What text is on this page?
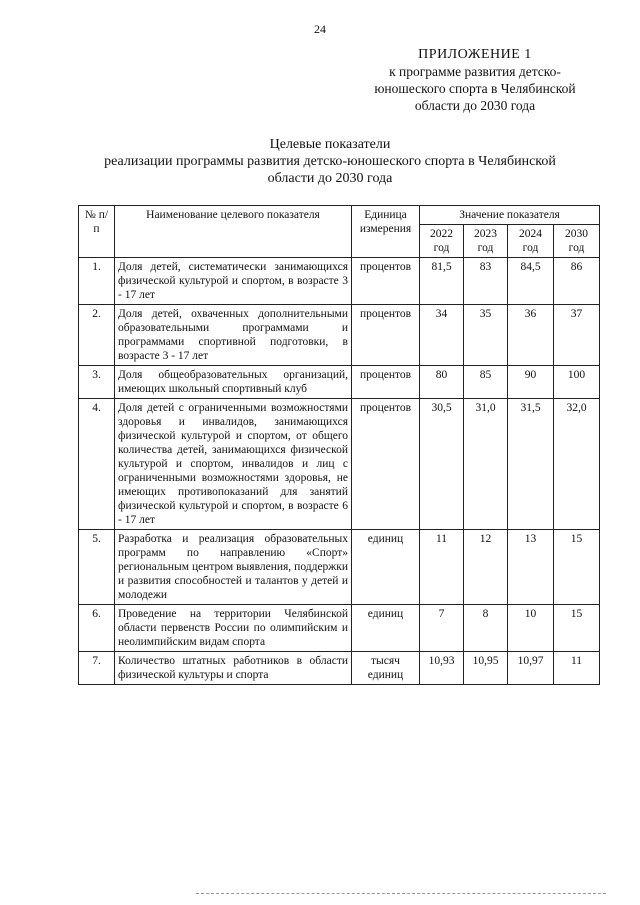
24
ПРИЛОЖЕНИЕ 1
к программе развития детско-
юношеского спорта в Челябинской
области до 2030 года
Целевые показатели
реализации программы развития детско-юношеского спорта в Челябинской
области до 2030 года
№ п/п	Наименование целевого показателя	Единица измерения	Значение показателя			
			2022 год	2023 год	2024 год	2030 год
1.	Доля детей, систематически занимающихся физической культурой и спортом, в возрасте 3 - 17 лет	процентов	81,5	83	84,5	86
2.	Доля детей, охваченных дополнительными образовательными программами и программами спортивной подготовки, в возрасте 3 - 17 лет	процентов	34	35	36	37
3.	Доля общеобразовательных организаций, имеющих школьный спортивный клуб	процентов	80	85	90	100
4.	Доля детей с ограниченными возможностями здоровья и инвалидов, занимающихся физической культурой и спортом, от общего количества детей, занимающихся физической культурой и спортом, инвалидов и лиц с ограниченными возможностями здоровья, не имеющих противопоказаний для занятий физической культурой и спортом, в возрасте 6 - 17 лет	процентов	30,5	31,0	31,5	32,0
5.	Разработка и реализация образовательных программ по направлению «Спорт» региональным центром выявления, поддержки и развития способностей и талантов у детей и молодежи	единиц	11	12	13	15
6.	Проведение на территории Челябинской области первенств России по олимпийским и неолимпийским видам спорта	единиц	7	8	10	15
7.	Количество штатных работников в области физической культуры и спорта	тысяч единиц	10,93	10,95	10,97	11
